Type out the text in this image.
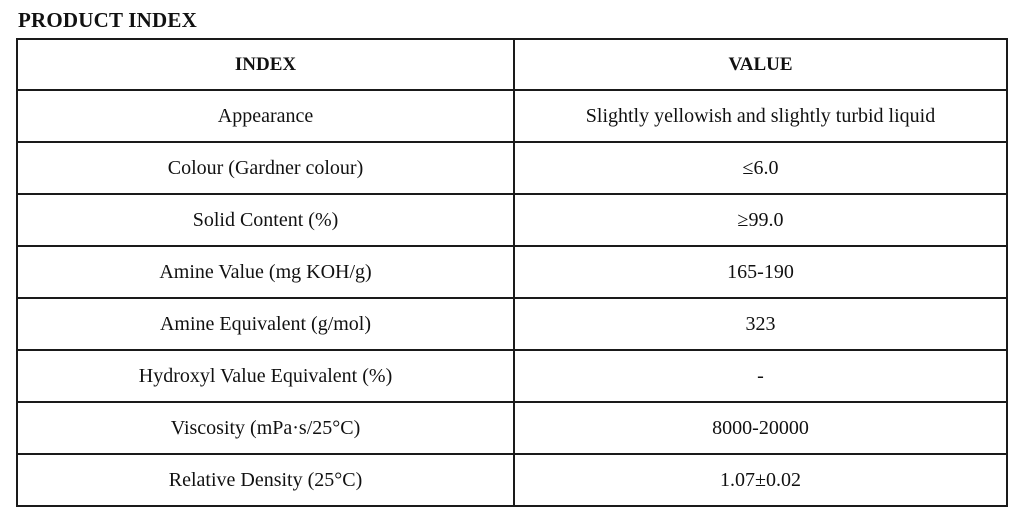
PRODUCT INDEX
INDEX	VALUE
Appearance	Slightly yellowish and slightly turbid liquid
Colour (Gardner colour)	≤6.0
Solid Content (%)	≥99.0
Amine Value (mg KOH/g)	165-190
Amine Equivalent (g/mol)	323
Hydroxyl Value Equivalent (%)	-
Viscosity (mPa·s/25°C)	8000-20000
Relative Density (25°C)	1.07±0.02
